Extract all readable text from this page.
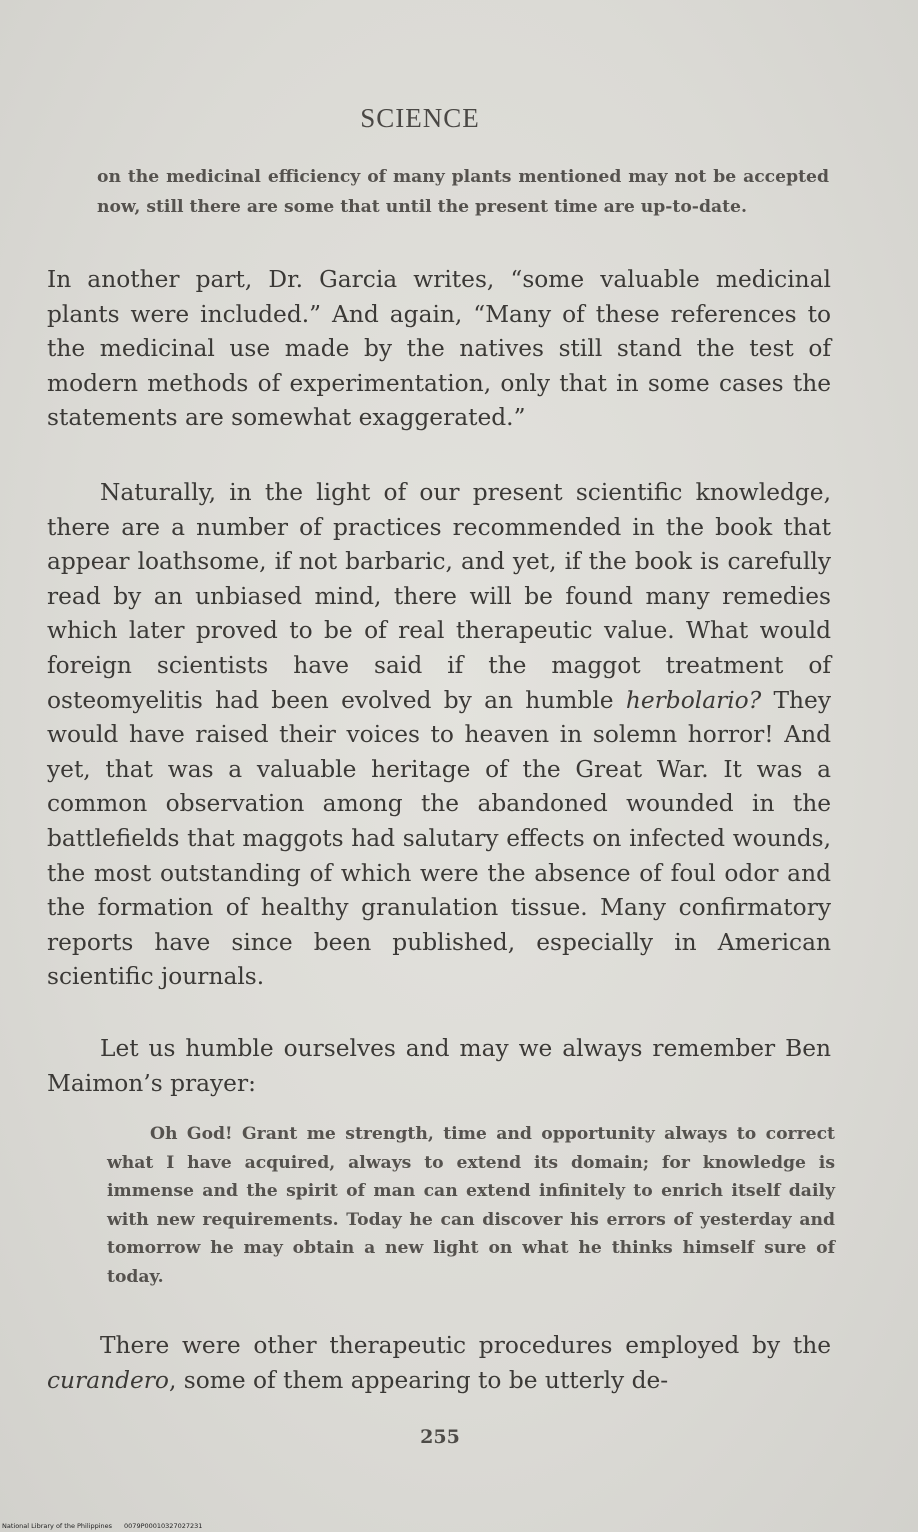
SCIENCE
on the medicinal efficiency of many plants mentioned may not be accepted now, still there are some that until the present time are up-to-date.

In another part, Dr. Garcia writes, “some valuable medicinal plants were included.” And again, “Many of these references to the medicinal use made by the natives still stand the test of modern methods of experimentation, only that in some cases the statements are somewhat exaggerated.”

Naturally, in the light of our present scientific knowledge, there are a number of practices recommended in the book that appear loathsome, if not barbaric, and yet, if the book is carefully read by an unbiased mind, there will be found many remedies which later proved to be of real therapeutic value. What would foreign scientists have said if the maggot treatment of osteomyelitis had been evolved by an humble herbolario? They would have raised their voices to heaven in solemn horror! And yet, that was a valuable heritage of the Great War. It was a common observation among the abandoned wounded in the battlefields that maggots had salutary effects on infected wounds, the most outstanding of which were the absence of foul odor and the formation of healthy granulation tissue. Many confirmatory reports have since been published, especially in American scientific journals.

Let us humble ourselves and may we always remember Ben Maimon’s prayer:

Oh God! Grant me strength, time and opportunity always to correct what I have acquired, always to extend its domain; for knowledge is immense and the spirit of man can extend infinitely to enrich itself daily with new requirements. Today he can discover his errors of yesterday and tomorrow he may obtain a new light on what he thinks himself sure of today.

There were other therapeutic procedures employed by the curandero, some of them appearing to be utterly de-

255
National Library of the Philippines 0079P00010327027231
